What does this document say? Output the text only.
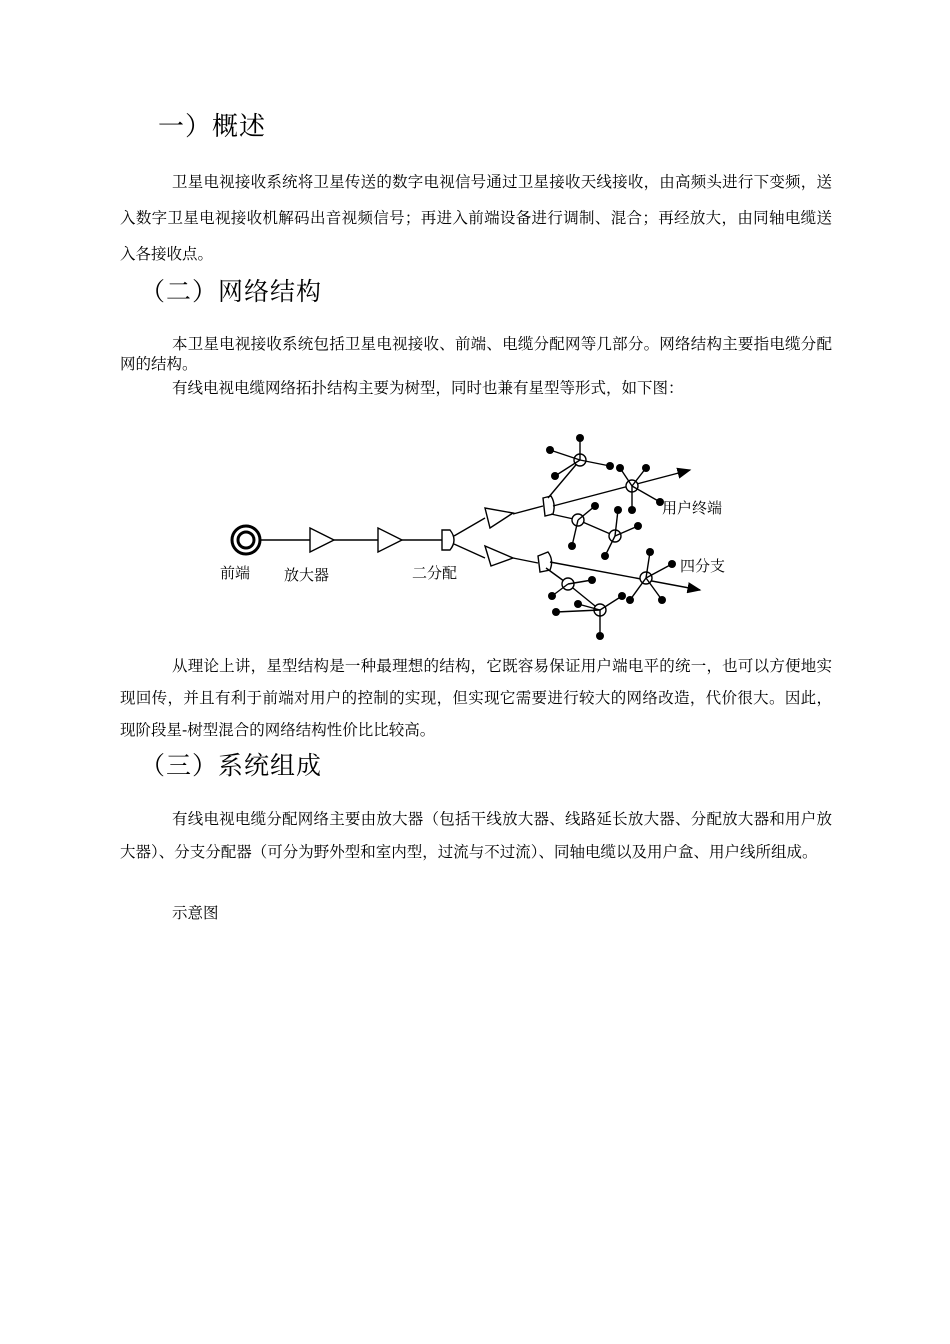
一）概述
卫星电视接收系统将卫星传送的数字电视信号通过卫星接收天线接收，由高频头进行下变频，送入数字卫星电视接收机解码出音视频信号；再进入前端设备进行调制、混合；再经放大，由同轴电缆送入各接收点。
（二）网络结构
本卫星电视接收系统包括卫星电视接收、前端、电缆分配网等几部分。网络结构主要指电缆分配网的结构。
有线电视电缆网络拓扑结构主要为树型，同时也兼有星型等形式，如下图：
前端 放大器	二分配
用户终端
四分支
从理论上讲，星型结构是一种最理想的结构，它既容易保证用户端电平的统一，也可以方便地实现回传，并且有利于前端对用户的控制的实现，但实现它需要进行较大的网络改造，代价很大。因此，现阶段星-树型混合的网络结构性价比比较高。
（三）系统组成
有线电视电缆分配网络主要由放大器（包括干线放大器、线路延长放大器、分配放大器和用户放大器）、分支分配器（可分为野外型和室内型，过流与不过流）、同轴电缆以及用户盒、用户线所组成。
示意图
